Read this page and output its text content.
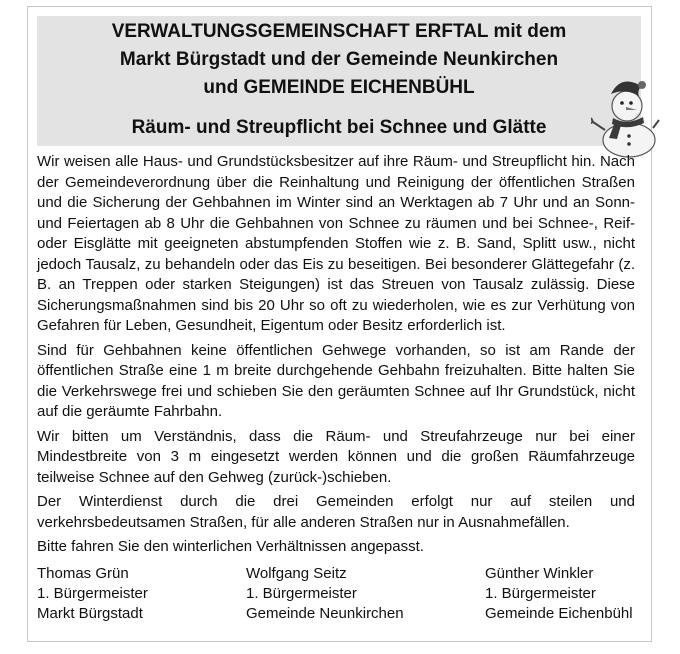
VERWALTUNGSGEMEINSCHAFT ERFTAL mit dem
Markt Bürgstadt und der Gemeinde Neunkirchen
und GEMEINDE EICHENBÜHL
Räum- und Streupflicht bei Schnee und Glätte

Wir weisen alle Haus- und Grundstücksbesitzer auf ihre Räum- und Streupflicht hin. Nach der Gemeindeverordnung über die Reinhaltung und Reinigung der öffentlichen Straßen und die Sicherung der Gehbahnen im Winter sind an Werktagen ab 7 Uhr und an Sonn- und Feiertagen ab 8 Uhr die Gehbahnen von Schnee zu räumen und bei Schnee-, Reif- oder Eisglätte mit geeigneten abstumpfenden Stoffen wie z. B. Sand, Splitt usw., nicht jedoch Tausalz, zu behandeln oder das Eis zu beseitigen. Bei besonderer Glättegefahr (z. B. an Treppen oder starken Steigungen) ist das Streuen von Tausalz zulässig. Diese Sicherungsmaßnahmen sind bis 20 Uhr so oft zu wiederholen, wie es zur Verhütung von Gefahren für Leben, Gesundheit, Eigentum oder Besitz erforderlich ist.

Sind für Gehbahnen keine öffentlichen Gehwege vorhanden, so ist am Rande der öffentlichen Straße eine 1 m breite durchgehende Gehbahn freizuhalten. Bitte halten Sie die Verkehrswege frei und schieben Sie den geräumten Schnee auf Ihr Grundstück, nicht auf die geräumte Fahrbahn.

Wir bitten um Verständnis, dass die Räum- und Streufahrzeuge nur bei einer Mindestbreite von 3 m eingesetzt werden können und die großen Räumfahrzeuge teilweise Schnee auf den Gehweg (zurück-)schieben.

Der Winterdienst durch die drei Gemeinden erfolgt nur auf steilen und verkehrsbedeutsamen Straßen, für alle anderen Straßen nur in Ausnahmefällen.

Bitte fahren Sie den winterlichen Verhältnissen angepasst.

Thomas Grün
1. Bürgermeister
Markt Bürgstadt
Wolfgang Seitz
1. Bürgermeister
Gemeinde Neunkirchen
Günther Winkler
1. Bürgermeister
Gemeinde Eichenbühl
